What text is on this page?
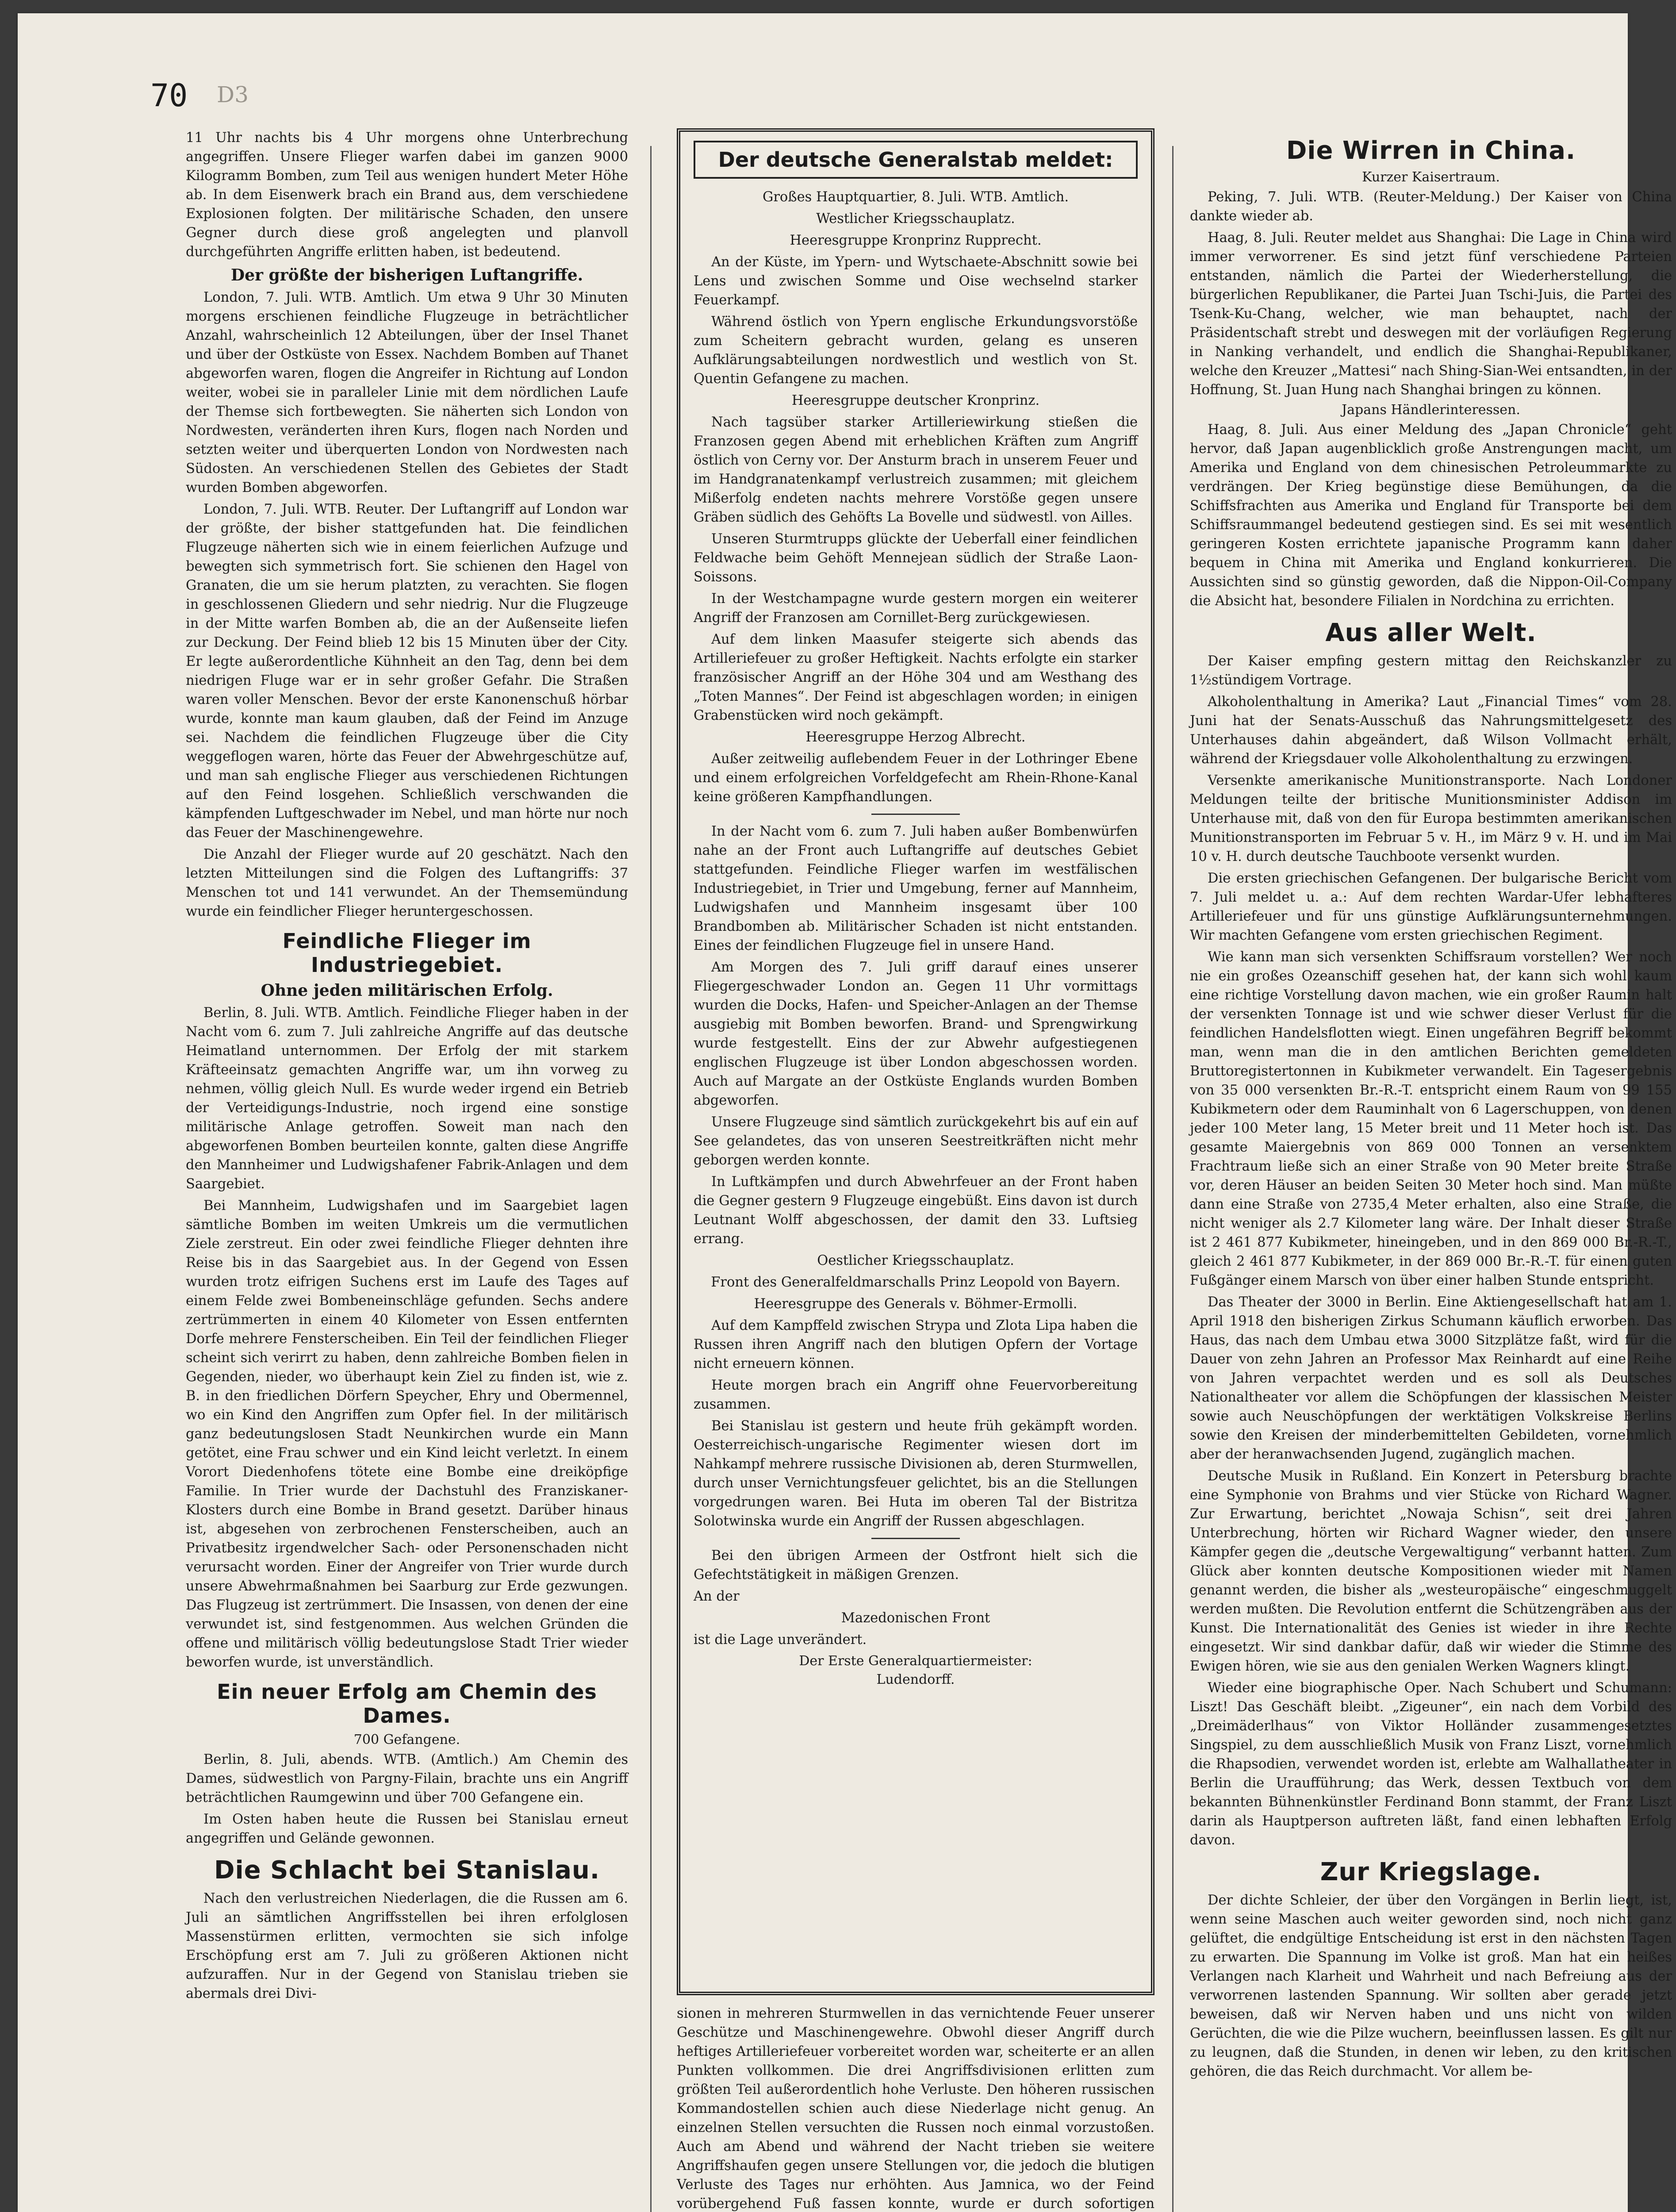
70 D3

11 Uhr nachts bis 4 Uhr morgens ohne Unterbrechung angegriffen. Unsere Flieger warfen dabei im ganzen 9000 Kilogramm Bomben, zum Teil aus wenigen hundert Meter Höhe ab. In dem Eisenwerk brach ein Brand aus, dem verschiedene Explosionen folgten. Der militärische Schaden, den unsere Gegner durch diese groß angelegten und planvoll durchgeführten Angriffe erlitten haben, ist bedeutend.

Der größte der bisherigen Luftangriffe.

London, 7. Juli. WTB. Amtlich. Um etwa 9 Uhr 30 Minuten morgens erschienen feindliche Flugzeuge in beträchtlicher Anzahl, wahrscheinlich 12 Abteilungen, über der Insel Thanet und über der Ostküste von Essex. Nachdem Bomben auf Thanet abgeworfen waren, flogen die Angreifer in Richtung auf London weiter, wobei sie in paralleler Linie mit dem nördlichen Laufe der Themse sich fortbewegten. Sie näherten sich London von Nordwesten, veränderten ihren Kurs, flogen nach Norden und setzten weiter und überquerten London von Nordwesten nach Südosten. An verschiedenen Stellen des Gebietes der Stadt wurden Bomben abgeworfen.

London, 7. Juli. WTB. Reuter. Der Luftangriff auf London war der größte, der bisher stattgefunden hat. Die feindlichen Flugzeuge näherten sich wie in einem feierlichen Aufzuge und bewegten sich symmetrisch fort. Sie schienen den Hagel von Granaten, die um sie herum platzten, zu verachten. Sie flogen in geschlossenen Gliedern und sehr niedrig. Nur die Flugzeuge in der Mitte warfen Bomben ab, die an der Außenseite liefen zur Deckung. Der Feind blieb 12 bis 15 Minuten über der City. Er legte außerordentliche Kühnheit an den Tag, denn bei dem niedrigen Fluge war er in sehr großer Gefahr. Die Straßen waren voller Menschen. Bevor der erste Kanonenschuß hörbar wurde, konnte man kaum glauben, daß der Feind im Anzuge sei. Nachdem die feindlichen Flugzeuge über die City weggeflogen waren, hörte das Feuer der Abwehrgeschütze auf, und man sah englische Flieger aus verschiedenen Richtungen auf den Feind losgehen. Schließlich verschwanden die kämpfenden Luftgeschwader im Nebel, und man hörte nur noch das Feuer der Maschinengewehre.

Die Anzahl der Flieger wurde auf 20 geschätzt. Nach den letzten Mitteilungen sind die Folgen des Luftangriffs: 37 Menschen tot und 141 verwundet. An der Themsemündung wurde ein feindlicher Flieger heruntergeschossen.

Feindliche Flieger im Industriegebiet.
Ohne jeden militärischen Erfolg.

Berlin, 8. Juli. WTB. Amtlich. Feindliche Flieger haben in der Nacht vom 6. zum 7. Juli zahlreiche Angriffe auf das deutsche Heimatland unternommen. Der Erfolg der mit starkem Kräfteeinsatz gemachten Angriffe war, um ihn vorweg zu nehmen, völlig gleich Null. Es wurde weder irgend ein Betrieb der Verteidigungs-Industrie, noch irgend eine sonstige militärische Anlage getroffen. Soweit man nach den abgeworfenen Bomben beurteilen konnte, galten diese Angriffe den Mannheimer und Ludwigshafener Fabrik-Anlagen und dem Saargebiet.

Bei Mannheim, Ludwigshafen und im Saargebiet lagen sämtliche Bomben im weiten Umkreis um die vermutlichen Ziele zerstreut. Ein oder zwei feindliche Flieger dehnten ihre Reise bis in das Saargebiet aus. In der Gegend von Essen wurden trotz eifrigen Suchens erst im Laufe des Tages auf einem Felde zwei Bombeneinschläge gefunden. Sechs andere zertrümmerten in einem 40 Kilometer von Essen entfernten Dorfe mehrere Fensterscheiben. Ein Teil der feindlichen Flieger scheint sich verirrt zu haben, denn zahlreiche Bomben fielen in Gegenden, nieder, wo überhaupt kein Ziel zu finden ist, wie z. B. in den friedlichen Dörfern Speycher, Ehry und Obermennel, wo ein Kind den Angriffen zum Opfer fiel. In der militärisch ganz bedeutungslosen Stadt Neunkirchen wurde ein Mann getötet, eine Frau schwer und ein Kind leicht verletzt. In einem Vorort Diedenhofens tötete eine Bombe eine dreiköpfige Familie. In Trier wurde der Dachstuhl des Franziskaner-Klosters durch eine Bombe in Brand gesetzt. Darüber hinaus ist, abgesehen von zerbrochenen Fensterscheiben, auch an Privatbesitz irgendwelcher Sach- oder Personenschaden nicht verursacht worden. Einer der Angreifer von Trier wurde durch unsere Abwehrmaßnahmen bei Saarburg zur Erde gezwungen. Das Flugzeug ist zertrümmert. Die Insassen, von denen der eine verwundet ist, sind festgenommen. Aus welchen Gründen die offene und militärisch völlig bedeutungslose Stadt Trier wieder beworfen wurde, ist unverständlich.

Ein neuer Erfolg am Chemin des Dames.
700 Gefangene.

Berlin, 8. Juli, abends. WTB. (Amtlich.) Am Chemin des Dames, südwestlich von Pargny-Filain, brachte uns ein Angriff beträchtlichen Raumgewinn und über 700 Gefangene ein.

Im Osten haben heute die Russen bei Stanislau erneut angegriffen und Gelände gewonnen.

Die Schlacht bei Stanislau.

Nach den verlustreichen Niederlagen, die die Russen am 6. Juli an sämtlichen Angriffsstellen bei ihren erfolglosen Massenstürmen erlitten, vermochten sie sich infolge Erschöpfung erst am 7. Juli zu größeren Aktionen nicht aufzuraffen. Nur in der Gegend von Stanislau trieben sie abermals drei Divi-

Der deutsche Generalstab meldet:

Großes Hauptquartier, 8. Juli. WTB. Amtlich.

Westlicher Kriegsschauplatz.

Heeresgruppe Kronprinz Rupprecht.

An der Küste, im Ypern- und Wytschaete-Abschnitt sowie bei Lens und zwischen Somme und Oise wechselnd starker Feuerkampf.

Während östlich von Ypern englische Erkundungsvorstöße zum Scheitern gebracht wurden, gelang es unseren Aufklärungsabteilungen nordwestlich und westlich von St. Quentin Gefangene zu machen.

Heeresgruppe deutscher Kronprinz.

Nach tagsüber starker Artilleriewirkung stießen die Franzosen gegen Abend mit erheblichen Kräften zum Angriff östlich von Cerny vor. Der Ansturm brach in unserem Feuer und im Handgranatenkampf verlustreich zusammen; mit gleichem Mißerfolg endeten nachts mehrere Vorstöße gegen unsere Gräben südlich des Gehöfts La Bovelle und südwestl. von Ailles.

Unseren Sturmtrupps glückte der Ueberfall einer feindlichen Feldwache beim Gehöft Mennejean südlich der Straße Laon-Soissons.

In der Westchampagne wurde gestern morgen ein weiterer Angriff der Franzosen am Cornillet-Berg zurückgewiesen.

Auf dem linken Maasufer steigerte sich abends das Artilleriefeuer zu großer Heftigkeit. Nachts erfolgte ein starker französischer Angriff an der Höhe 304 und am Westhang des „Toten Mannes“. Der Feind ist abgeschlagen worden; in einigen Grabenstücken wird noch gekämpft.

Heeresgruppe Herzog Albrecht.

Außer zeitweilig auflebendem Feuer in der Lothringer Ebene und einem erfolgreichen Vorfeldgefecht am Rhein-Rhone-Kanal keine größeren Kampfhandlungen.

In der Nacht vom 6. zum 7. Juli haben außer Bombenwürfen nahe an der Front auch Luftangriffe auf deutsches Gebiet stattgefunden. Feindliche Flieger warfen im westfälischen Industriegebiet, in Trier und Umgebung, ferner auf Mannheim, Ludwigshafen und Mannheim insgesamt über 100 Brandbomben ab. Militärischer Schaden ist nicht entstanden. Eines der feindlichen Flugzeuge fiel in unsere Hand.

Am Morgen des 7. Juli griff darauf eines unserer Fliegergeschwader London an. Gegen 11 Uhr vormittags wurden die Docks, Hafen- und Speicher-Anlagen an der Themse ausgiebig mit Bomben beworfen. Brand- und Sprengwirkung wurde festgestellt. Eins der zur Abwehr aufgestiegenen englischen Flugzeuge ist über London abgeschossen worden. Auch auf Margate an der Ostküste Englands wurden Bomben abgeworfen.

Unsere Flugzeuge sind sämtlich zurückgekehrt bis auf ein auf See gelandetes, das von unseren Seestreitkräften nicht mehr geborgen werden konnte.

In Luftkämpfen und durch Abwehrfeuer an der Front haben die Gegner gestern 9 Flugzeuge eingebüßt. Eins davon ist durch Leutnant Wolff abgeschossen, der damit den 33. Luftsieg errang.

Oestlicher Kriegsschauplatz.

Front des Generalfeldmarschalls Prinz Leopold von Bayern.

Heeresgruppe des Generals v. Böhmer-Ermolli.

Auf dem Kampffeld zwischen Strypa und Zlota Lipa haben die Russen ihren Angriff nach den blutigen Opfern der Vortage nicht erneuern können.

Heute morgen brach ein Angriff ohne Feuervorbereitung zusammen.

Bei Stanislau ist gestern und heute früh gekämpft worden. Oesterreichisch-ungarische Regimenter wiesen dort im Nahkampf mehrere russische Divisionen ab, deren Sturmwellen, durch unser Vernichtungsfeuer gelichtet, bis an die Stellungen vorgedrungen waren. Bei Huta im oberen Tal der Bistritza Solotwinska wurde ein Angriff der Russen abgeschlagen.

Bei den übrigen Armeen der Ostfront hielt sich die Gefechtstätigkeit in mäßigen Grenzen.

An der

Mazedonischen Front

ist die Lage unverändert.

Der Erste Generalquartiermeister:
Ludendorff.

sionen in mehreren Sturmwellen in das vernichtende Feuer unserer Geschütze und Maschinengewehre. Obwohl dieser Angriff durch heftiges Artilleriefeuer vorbereitet worden war, scheiterte er an allen Punkten vollkommen. Die drei Angriffsdivisionen erlitten zum größten Teil außerordentlich hohe Verluste. Den höheren russischen Kommandostellen schien auch diese Niederlage nicht genug. An einzelnen Stellen versuchten die Russen noch einmal vorzustoßen. Auch am Abend und während der Nacht trieben sie weitere Angriffshaufen gegen unsere Stellungen vor, die jedoch die blutigen Verluste des Tages nur erhöhten. Aus Jamnica, wo der Feind vorübergehend Fuß fassen konnte, wurde er durch sofortigen

Die Wirren in China.
Kurzer Kaisertraum.

Peking, 7. Juli. WTB. (Reuter-Meldung.) Der Kaiser von China dankte wieder ab.

Haag, 8. Juli. Reuter meldet aus Shanghai: Die Lage in China wird immer verworrener. Es sind jetzt fünf verschiedene Parteien entstanden, nämlich die Partei der Wiederherstellung, die bürgerlichen Republikaner, die Partei Juan Tschi-Juis, die Partei des Tsenk-Ku-Chang, welcher, wie man behauptet, nach der Präsidentschaft strebt und deswegen mit der vorläufigen Regierung in Nanking verhandelt, und endlich die Shanghai-Republikaner, welche den Kreuzer „Mattesi“ nach Shing-Sian-Wei entsandten, in der Hoffnung, St. Juan Hung nach Shanghai bringen zu können.

Japans Händlerinteressen.

Haag, 8. Juli. Aus einer Meldung des „Japan Chronicle“ geht hervor, daß Japan augenblicklich große Anstrengungen macht, um Amerika und England von dem chinesischen Petroleummarkte zu verdrängen. Der Krieg begünstige diese Bemühungen, da die Schiffsfrachten aus Amerika und England für Transporte bei dem Schiffsraummangel bedeutend gestiegen sind. Es sei mit wesentlich geringeren Kosten errichtete japanische Programm kann daher bequem in China mit Amerika und England konkurrieren. Die Aussichten sind so günstig geworden, daß die Nippon-Oil-Company die Absicht hat, besondere Filialen in Nordchina zu errichten.

Aus aller Welt.

Der Kaiser empfing gestern mittag den Reichskanzler zu 1½stündigem Vortrage.

Alkoholenthaltung in Amerika? Laut „Financial Times“ vom 28. Juni hat der Senats-Ausschuß das Nahrungsmittelgesetz des Unterhauses dahin abgeändert, daß Wilson Vollmacht erhält, während der Kriegsdauer volle Alkoholenthaltung zu erzwingen.

Versenkte amerikanische Munitionstransporte. Nach Londoner Meldungen teilte der britische Munitionsminister Addison im Unterhause mit, daß von den für Europa bestimmten amerikanischen Munitionstransporten im Februar 5 v. H., im März 9 v. H. und im Mai 10 v. H. durch deutsche Tauchboote versenkt wurden.

Die ersten griechischen Gefangenen. Der bulgarische Bericht vom 7. Juli meldet u. a.: Auf dem rechten Wardar-Ufer lebhafteres Artilleriefeuer und für uns günstige Aufklärungsunternehmungen. Wir machten Gefangene vom ersten griechischen Regiment.

Wie kann man sich versenkten Schiffsraum vorstellen? Wer noch nie ein großes Ozeanschiff gesehen hat, der kann sich wohl kaum eine richtige Vorstellung davon machen, wie ein großer Raumin halt der versenkten Tonnage ist und wie schwer dieser Verlust für die feindlichen Handelsflotten wiegt. Einen ungefähren Begriff bekommt man, wenn man die in den amtlichen Berichten gemeldeten Bruttoregistertonnen in Kubikmeter verwandelt. Ein Tagesergebnis von 35 000 versenkten Br.-R.-T. entspricht einem Raum von 99 155 Kubikmetern oder dem Rauminhalt von 6 Lagerschuppen, von denen jeder 100 Meter lang, 15 Meter breit und 11 Meter hoch ist. Das gesamte Maiergebnis von 869 000 Tonnen an versenktem Frachtraum ließe sich an einer Straße von 90 Meter breite Straße vor, deren Häuser an beiden Seiten 30 Meter hoch sind. Man müßte dann eine Straße von 2735,4 Meter erhalten, also eine Straße, die nicht weniger als 2.7 Kilometer lang wäre. Der Inhalt dieser Straße ist 2 461 877 Kubikmeter, hineingeben, und in den 869 000 Br.-R.-T., gleich 2 461 877 Kubikmeter, in der 869 000 Br.-R.-T. für einen guten Fußgänger einem Marsch von über einer halben Stunde entspricht.

Das Theater der 3000 in Berlin. Eine Aktiengesellschaft hat am 1. April 1918 den bisherigen Zirkus Schumann käuflich erworben. Das Haus, das nach dem Umbau etwa 3000 Sitzplätze faßt, wird für die Dauer von zehn Jahren an Professor Max Reinhardt auf eine Reihe von Jahren verpachtet werden und es soll als Deutsches Nationaltheater vor allem die Schöpfungen der klassischen Meister sowie auch Neuschöpfungen der werktätigen Volkskreise Berlins sowie den Kreisen der minderbemittelten Gebildeten, vornehmlich aber der heranwachsenden Jugend, zugänglich machen.

Deutsche Musik in Rußland. Ein Konzert in Petersburg brachte eine Symphonie von Brahms und vier Stücke von Richard Wagner. Zur Erwartung, berichtet „Nowaja Schisn“, seit drei Jahren Unterbrechung, hörten wir Richard Wagner wieder, den unsere Kämpfer gegen die „deutsche Vergewaltigung“ verbannt hatten. Zum Glück aber konnten deutsche Kompositionen wieder mit Namen genannt werden, die bisher als „westeuropäische“ eingeschmuggelt werden mußten. Die Revolution entfernt die Schützengräben aus der Kunst. Die Internationalität des Genies ist wieder in ihre Rechte eingesetzt. Wir sind dankbar dafür, daß wir wieder die Stimme des Ewigen hören, wie sie aus den genialen Werken Wagners klingt.

Wieder eine biographische Oper. Nach Schubert und Schumann: Liszt! Das Geschäft bleibt. „Zigeuner“, ein nach dem Vorbild des „Dreimäderlhaus“ von Viktor Holländer zusammengesetztes Singspiel, zu dem ausschließlich Musik von Franz Liszt, vornehmlich die Rhapsodien, verwendet worden ist, erlebte am Walhallatheater in Berlin die Uraufführung; das Werk, dessen Textbuch von dem bekannten Bühnenkünstler Ferdinand Bonn stammt, der Franz Liszt darin als Hauptperson auftreten läßt, fand einen lebhaften Erfolg davon.

Zur Kriegslage.

Der dichte Schleier, der über den Vorgängen in Berlin liegt, ist, wenn seine Maschen auch weiter geworden sind, noch nicht ganz gelüftet, die endgültige Entscheidung ist erst in den nächsten Tagen zu erwarten. Die Spannung im Volke ist groß. Man hat ein heißes Verlangen nach Klarheit und Wahrheit und nach Befreiung aus der verworrenen lastenden Spannung. Wir sollten aber gerade jetzt beweisen, daß wir Nerven haben und uns nicht von wilden Gerüchten, die wie die Pilze wuchern, beeinflussen lassen. Es gilt nur zu leugnen, daß die Stunden, in denen wir leben, zu den kritischen gehören, die das Reich durchmacht. Vor allem be-
